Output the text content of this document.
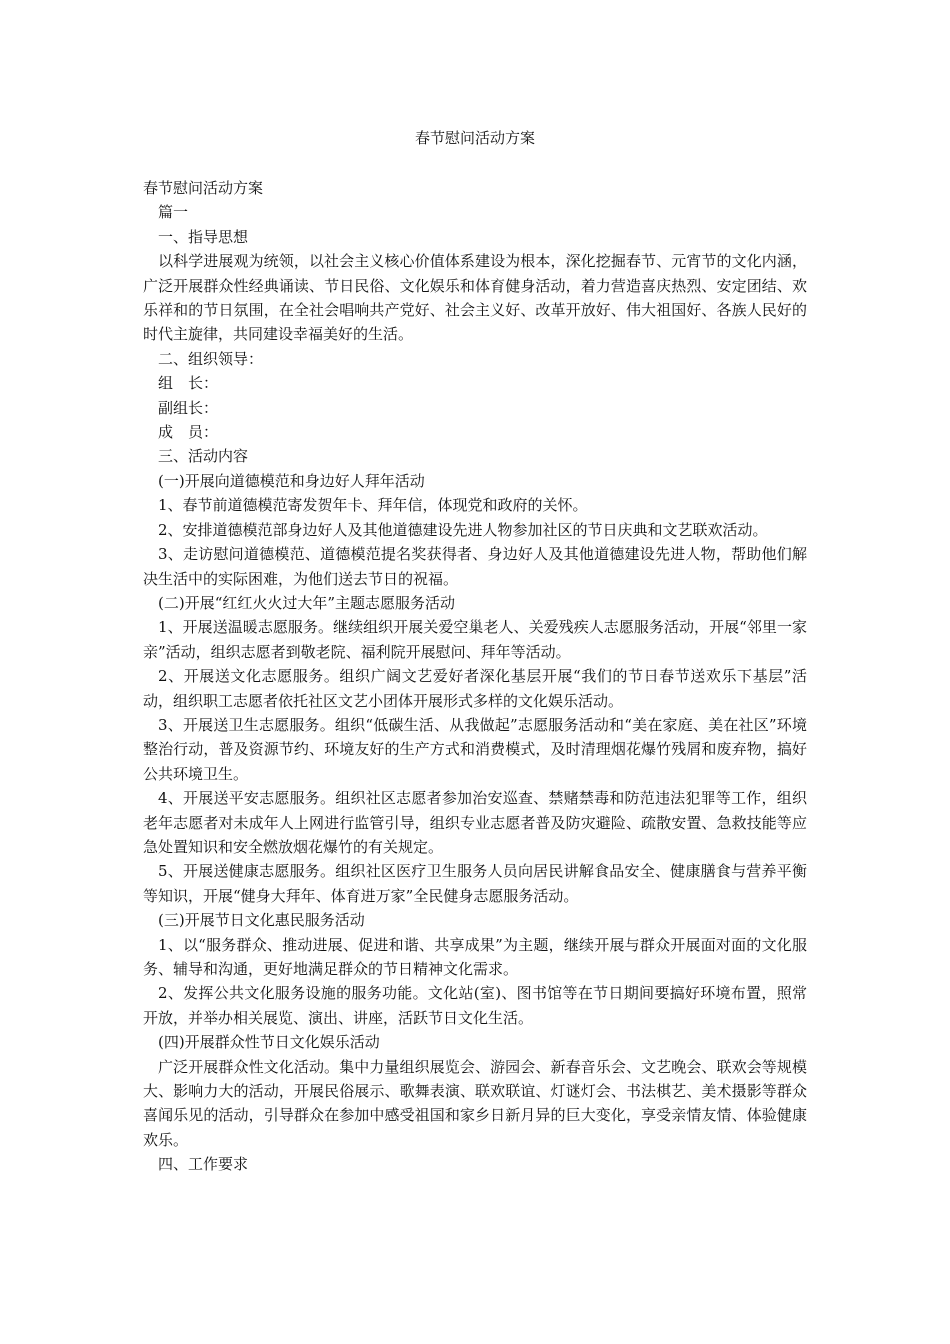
春节慰问活动方案

春节慰问活动方案

篇一

一、指导思想

以科学进展观为统领，以社会主义核心价值体系建设为根本，深化挖掘春节、元宵节的文化内涵，广泛开展群众性经典诵读、节日民俗、文化娱乐和体育健身活动，着力营造喜庆热烈、安定团结、欢乐祥和的节日氛围，在全社会唱响共产党好、社会主义好、改革开放好、伟大祖国好、各族人民好的时代主旋律，共同建设幸福美好的生活。

二、组织领导：

组　长：

副组长：

成　员：

三、活动内容

(一)开展向道德模范和身边好人拜年活动

1、春节前道德模范寄发贺年卡、拜年信，体现党和政府的关怀。

2、安排道德模范部身边好人及其他道德建设先进人物参加社区的节日庆典和文艺联欢活动。

3、走访慰问道德模范、道德模范提名奖获得者、身边好人及其他道德建设先进人物，帮助他们解决生活中的实际困难，为他们送去节日的祝福。

(二)开展“红红火火过大年”主题志愿服务活动

1、开展送温暖志愿服务。继续组织开展关爱空巢老人、关爱残疾人志愿服务活动，开展“邻里一家亲”活动，组织志愿者到敬老院、福利院开展慰问、拜年等活动。

2、开展送文化志愿服务。组织广阔文艺爱好者深化基层开展“我们的节日春节送欢乐下基层”活动，组织职工志愿者依托社区文艺小团体开展形式多样的文化娱乐活动。

3、开展送卫生志愿服务。组织“低碳生活、从我做起”志愿服务活动和“美在家庭、美在社区”环境整治行动，普及资源节约、环境友好的生产方式和消费模式，及时清理烟花爆竹残屑和废弃物，搞好公共环境卫生。

4、开展送平安志愿服务。组织社区志愿者参加治安巡查、禁赌禁毒和防范违法犯罪等工作，组织老年志愿者对未成年人上网进行监管引导，组织专业志愿者普及防灾避险、疏散安置、急救技能等应急处置知识和安全燃放烟花爆竹的有关规定。

5、开展送健康志愿服务。组织社区医疗卫生服务人员向居民讲解食品安全、健康膳食与营养平衡等知识，开展“健身大拜年、体育进万家”全民健身志愿服务活动。

(三)开展节日文化惠民服务活动

1、以“服务群众、推动进展、促进和谐、共享成果”为主题，继续开展与群众开展面对面的文化服务、辅导和沟通，更好地满足群众的节日精神文化需求。

2、发挥公共文化服务设施的服务功能。文化站(室)、图书馆等在节日期间要搞好环境布置，照常开放，并举办相关展览、演出、讲座，活跃节日文化生活。

(四)开展群众性节日文化娱乐活动

广泛开展群众性文化活动。集中力量组织展览会、游园会、新春音乐会、文艺晚会、联欢会等规模大、影响力大的活动，开展民俗展示、歌舞表演、联欢联谊、灯谜灯会、书法棋艺、美术摄影等群众喜闻乐见的活动，引导群众在参加中感受祖国和家乡日新月异的巨大变化，享受亲情友情、体验健康欢乐。

四、工作要求
